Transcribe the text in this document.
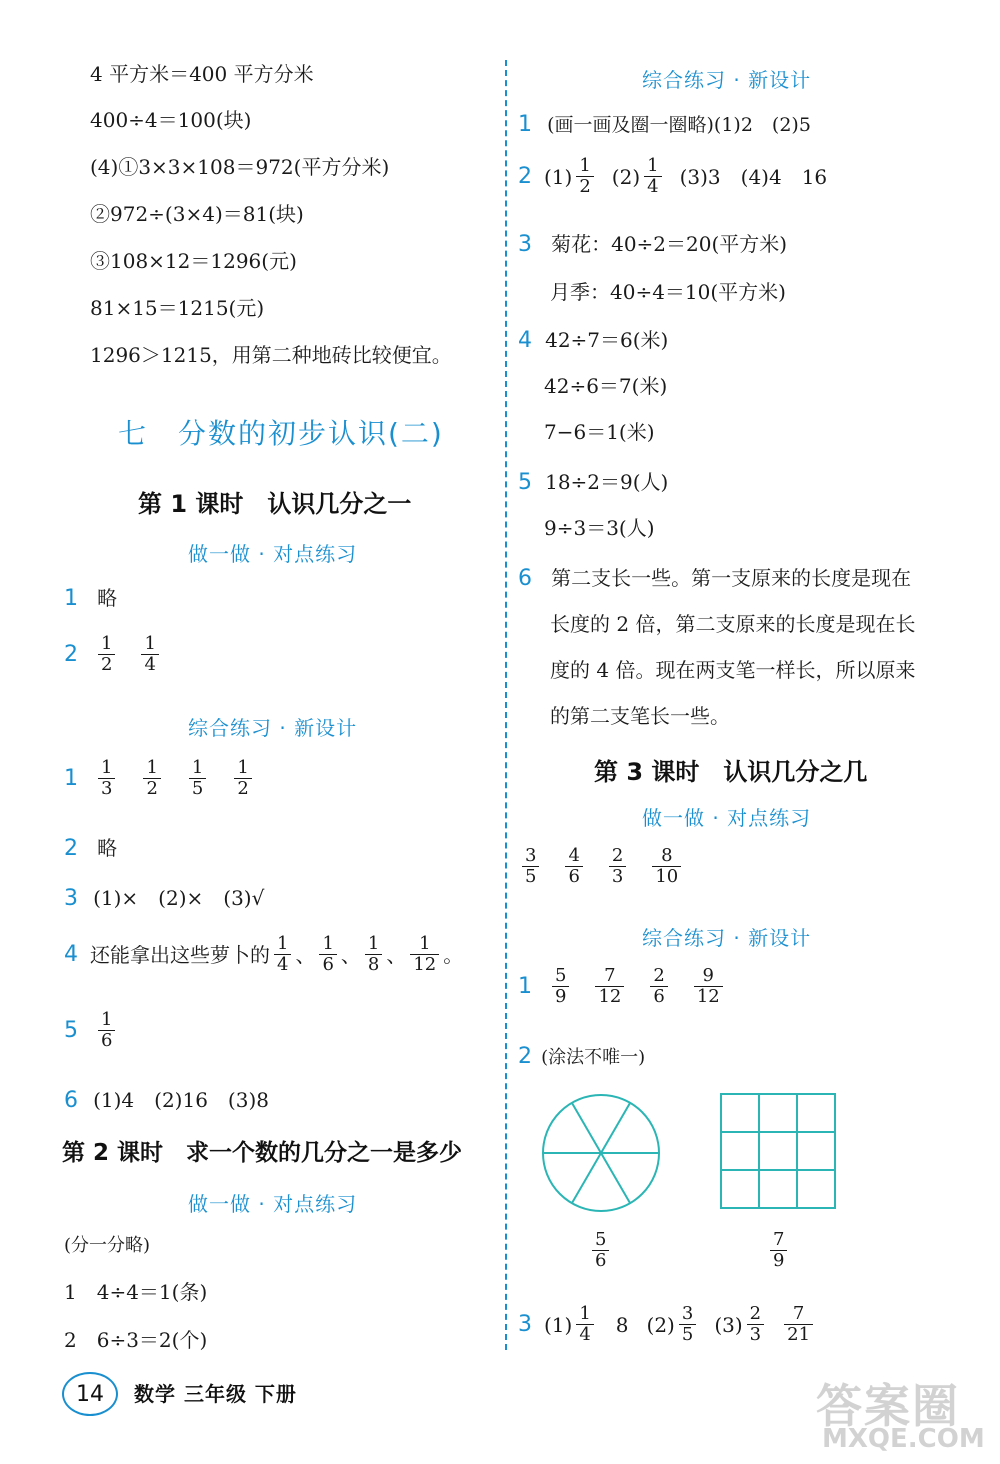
4 平方米＝400 平方分米
400÷4＝100(块)
(4)①3×3×108＝972(平方分米)
②972÷(3×4)＝81(块)
③108×12＝1296(元)
81×15＝1215(元)
1296＞1215，用第二种地砖比较便宜。
七　分数的初步认识(二)
第 1 课时　认识几分之一
做一做 · 对点练习
1 略
$2 \frac{1}{2} \frac{1}{4}$
综合练习 · 新设计
$1 \frac{1}{3} \frac{1}{2} \frac{1}{5} \frac{1}{2}$
2 略
3 (1)×　(2)×　(3)√
4 还能拿出这些萝卜的 $\frac{1}{4}$ 、 $\frac{1}{6}$ 、 $\frac{1}{8}$ 、 $\frac{1}{12}$ 。
$5 \frac{1}{6}$
6 (1)4　(2)16　(3)8
第 2 课时　求一个数的几分之一是多少
做一做 · 对点练习
(分一分略)
1　4÷4＝1(条)
2　6÷3＝2(个)
综合练习 · 新设计
1 (画一画及圈一圈略)(1)2　(2)5
2 $(1) \frac{1}{2} (2) \frac{1}{4} (3)3$　(4)4　16
3 菊花：40÷2＝20(平方米)
月季：40÷4＝10(平方米)
4 42÷7＝6(米)
42÷6＝7(米)
7−6＝1(米)
5 18÷2＝9(人)
9÷3＝3(人)
6 第二支长一些。第一支原来的长度是现在
长度的 2 倍，第二支原来的长度是现在长
度的 4 倍。现在两支笔一样长，所以原来
的第二支笔长一些。
第 3 课时　认识几分之几
做一做 · 对点练习
$\frac{3}{5} \frac{4}{6} \frac{2}{3} \frac{8}{10}$
综合练习 · 新设计
$1 \frac{5}{9} \frac{7}{12} \frac{2}{6} \frac{9}{12}$
2 (涂法不唯一)
$\frac{5}{6}$	$\frac{7}{9}$
3 $(1) \frac{1}{4} 8$ $(2) \frac{3}{5} (3) \frac{2}{3} \frac{7}{21}$
14	数学 三年级 下册	答案圈
MXQE.COM
